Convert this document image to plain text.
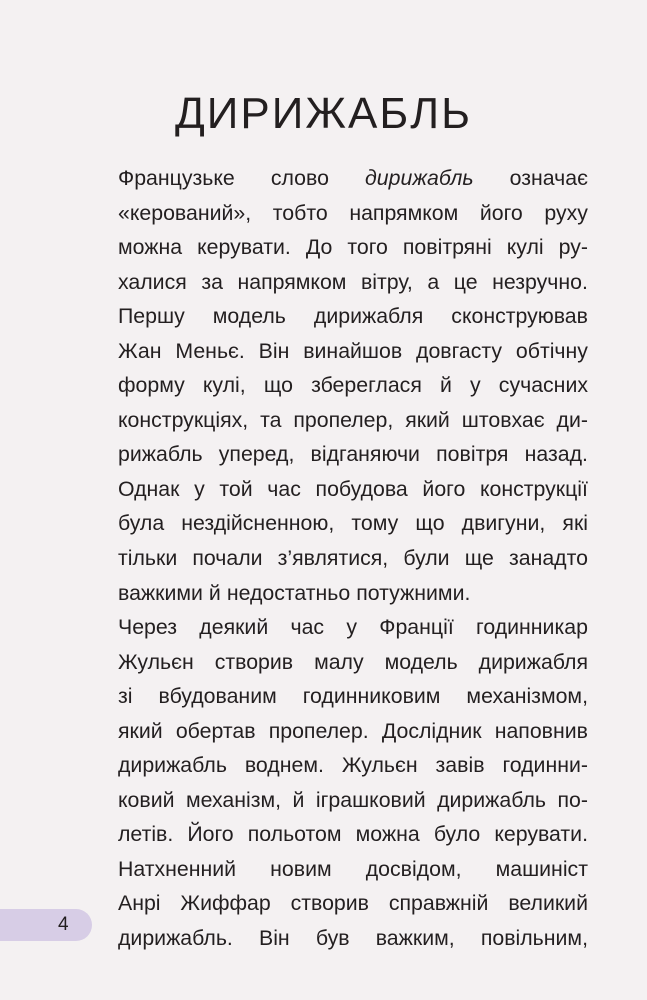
ДИРИЖАБЛЬ
Французьке слово дирижабль означає
«керований», тобто напрямком його руху
можна керувати. До того повітряні кулі ру-
халися за напрямком вітру, а це незручно.
Першу модель дирижабля сконструював
Жан Меньє. Він винайшов довгасту обтічну
форму кулі, що збереглася й у сучасних
конструкціях, та пропелер, який штовхає ди-
рижабль уперед, відганяючи повітря назад.
Однак у той час побудова його конструкції
була нездійсненною, тому що двигуни, які
тільки почали з’являтися, були ще занадто
важкими й недостатньо потужними.
Через деякий час у Франції годинникар
Жульєн створив малу модель дирижабля
зі вбудованим годинниковим механізмом,
який обертав пропелер. Дослідник наповнив
дирижабль воднем. Жульєн завів годинни-
ковий механізм, й іграшковий дирижабль по-
летів. Його польотом можна було керувати.
Натхненний новим досвідом, машиніст
Анрі Жиффар створив справжній великий
дирижабль. Він був важким, повільним,
4
